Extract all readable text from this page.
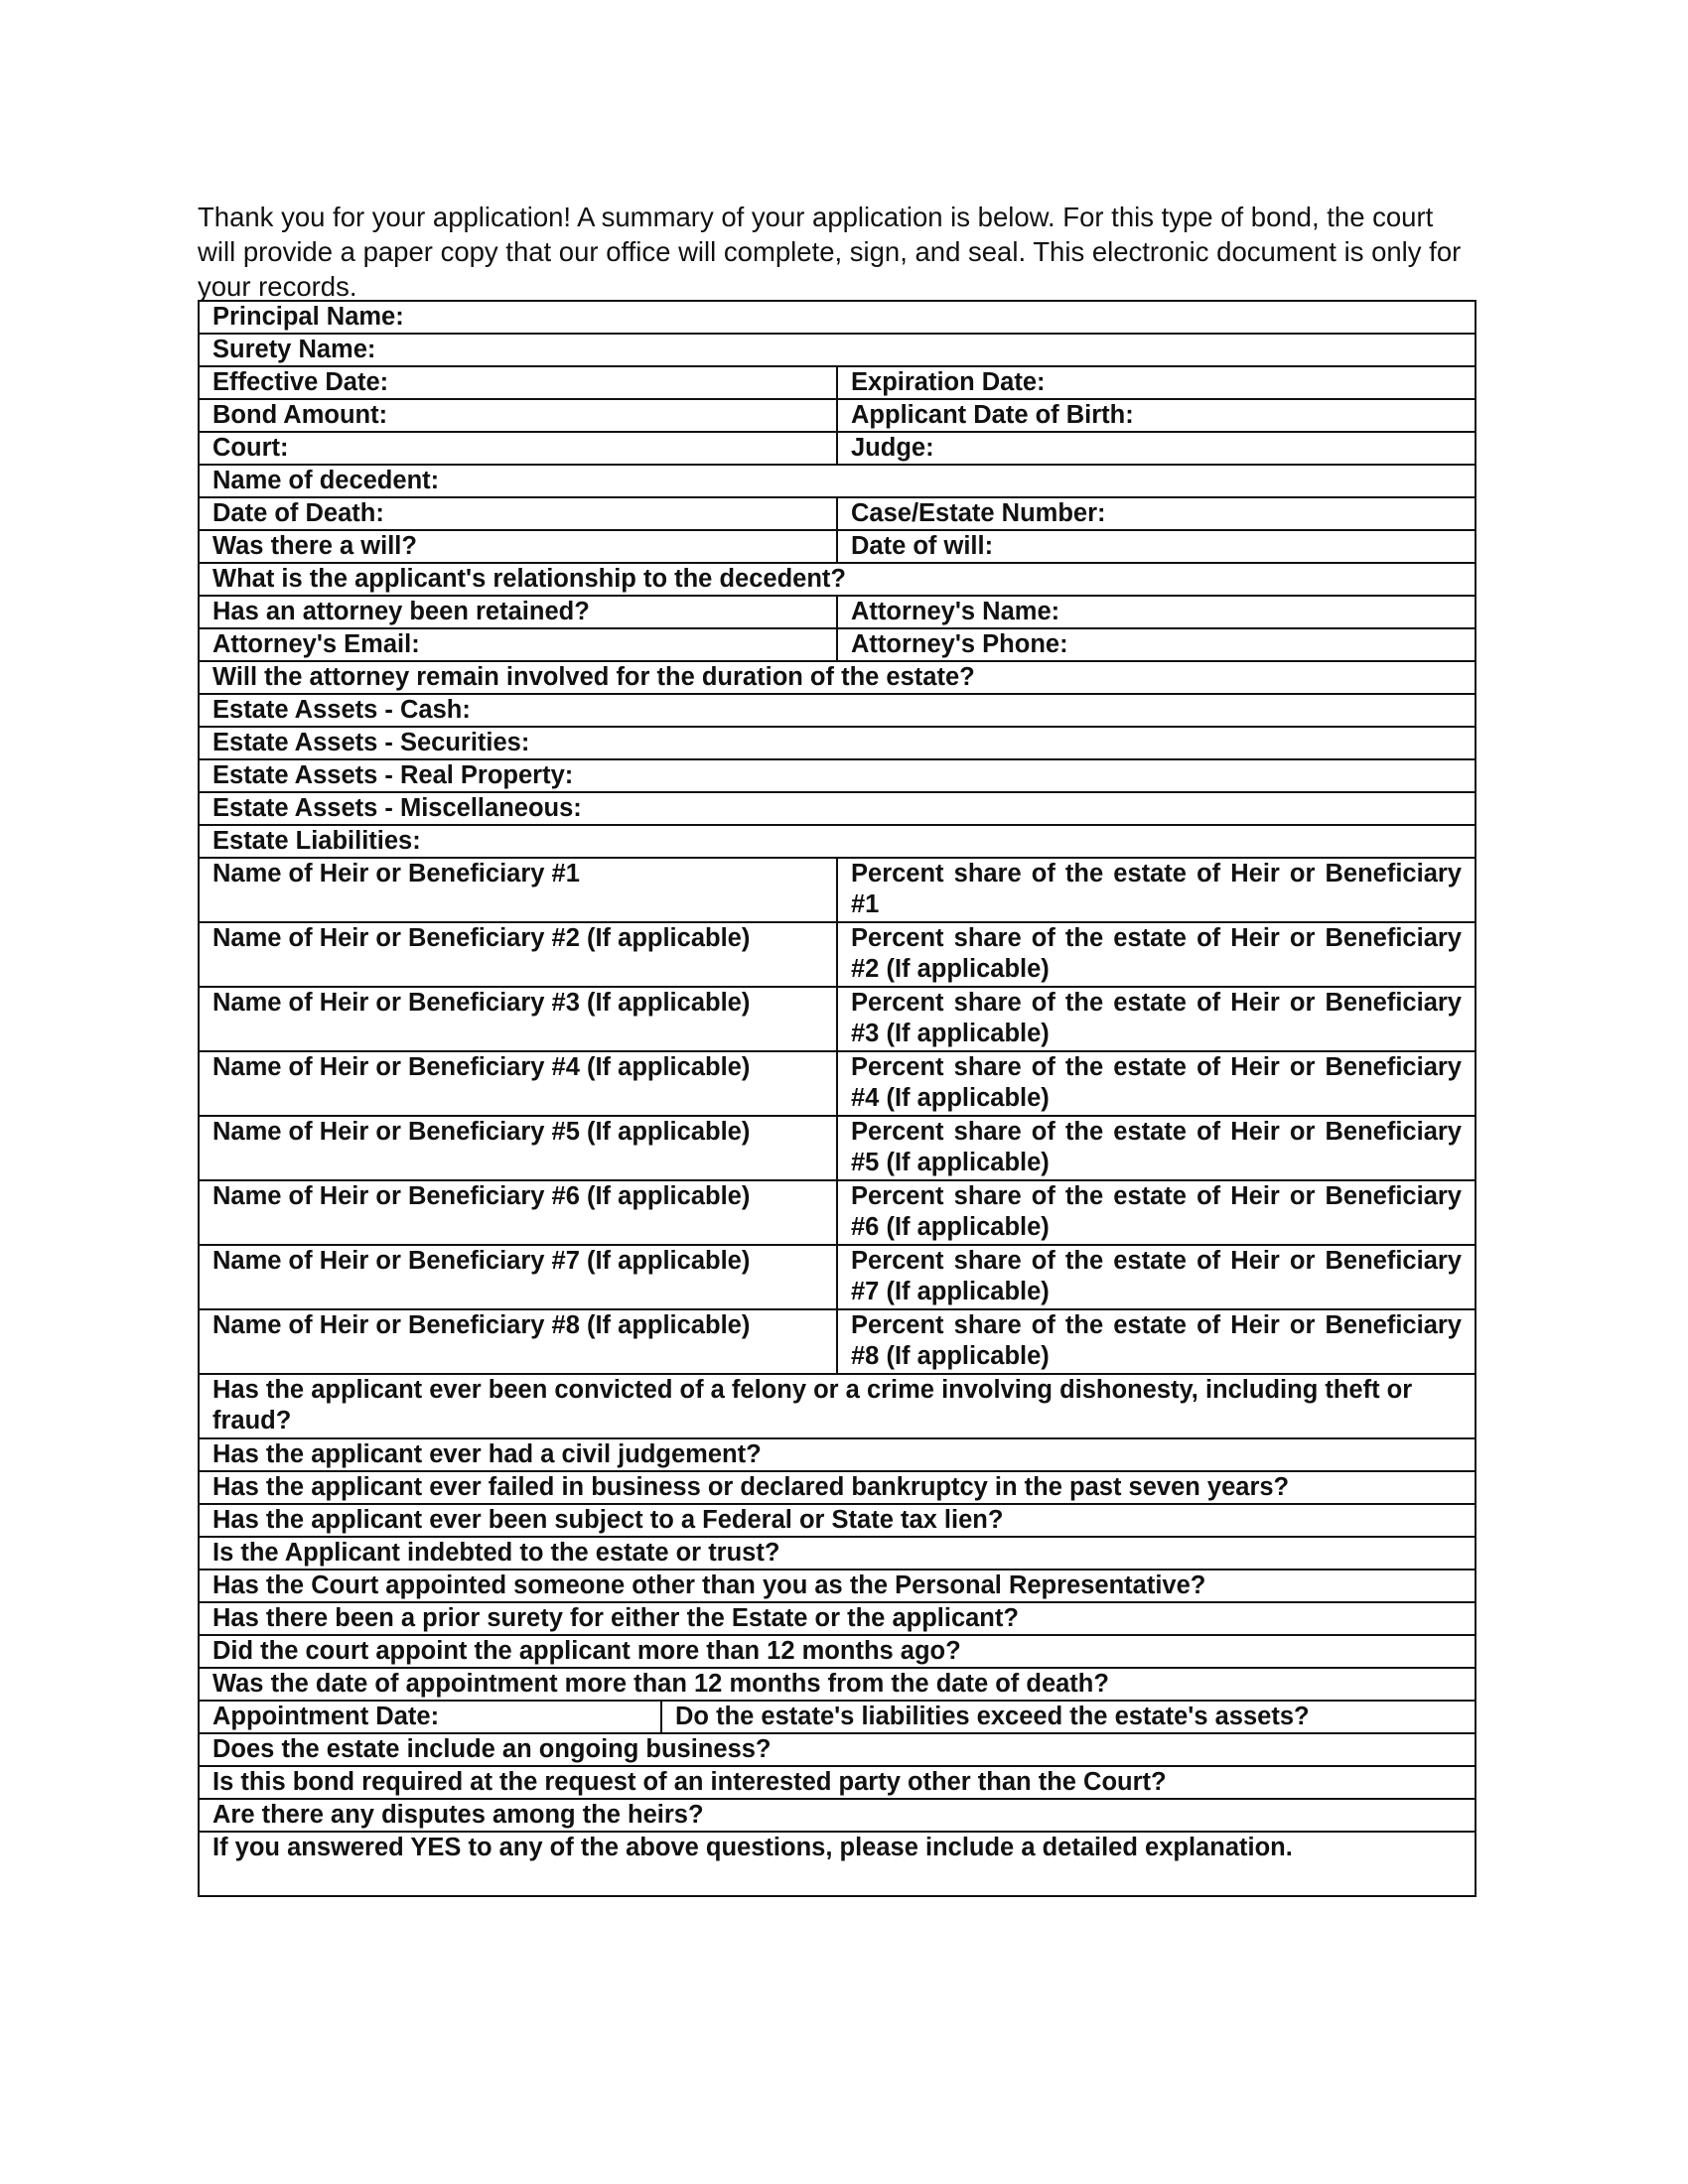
Thank you for your application! A summary of your application is below. For this type of bond, the court will provide a paper copy that our office will complete, sign, and seal. This electronic document is only for your records.

Principal Name:	
Surety Name:	
Effective Date:	Expiration Date:
Bond Amount:	Applicant Date of Birth:
Court:	Judge:
Name of decedent:	
Date of Death:	Case/Estate Number:
Was there a will?	Date of will:
What is the applicant's relationship to the decedent?	
Has an attorney been retained?	Attorney's Name:
Attorney's Email:	Attorney's Phone:
Will the attorney remain involved for the duration of the estate?	
Estate Assets - Cash:	
Estate Assets - Securities:	
Estate Assets - Real Property:	
Estate Assets - Miscellaneous:	
Estate Liabilities:	
Name of Heir or Beneficiary #1	Percent share of the estate of Heir or Beneficiary #1
Name of Heir or Beneficiary #2 (If applicable)	Percent share of the estate of Heir or Beneficiary #2 (If applicable)
Name of Heir or Beneficiary #3 (If applicable)	Percent share of the estate of Heir or Beneficiary #3 (If applicable)
Name of Heir or Beneficiary #4 (If applicable)	Percent share of the estate of Heir or Beneficiary #4 (If applicable)
Name of Heir or Beneficiary #5 (If applicable)	Percent share of the estate of Heir or Beneficiary #5 (If applicable)
Name of Heir or Beneficiary #6 (If applicable)	Percent share of the estate of Heir or Beneficiary #6 (If applicable)
Name of Heir or Beneficiary #7 (If applicable)	Percent share of the estate of Heir or Beneficiary #7 (If applicable)
Name of Heir or Beneficiary #8 (If applicable)	Percent share of the estate of Heir or Beneficiary #8 (If applicable)
Has the applicant ever been convicted of a felony or a crime involving dishonesty, including theft or fraud?	
Has the applicant ever had a civil judgement?	
Has the applicant ever failed in business or declared bankruptcy in the past seven years?	
Has the applicant ever been subject to a Federal or State tax lien?	
Is the Applicant indebted to the estate or trust?	
Has the Court appointed someone other than you as the Personal Representative?	
Has there been a prior surety for either the Estate or the applicant?	
Did the court appoint the applicant more than 12 months ago?	
Was the date of appointment more than 12 months from the date of death?	
Appointment Date: Do the estate's liabilities exceed the estate's assets?	
Does the estate include an ongoing business?	
Is this bond required at the request of an interested party other than the Court?	
Are there any disputes among the heirs?	
If you answered YES to any of the above questions, please include a detailed explanation.	
